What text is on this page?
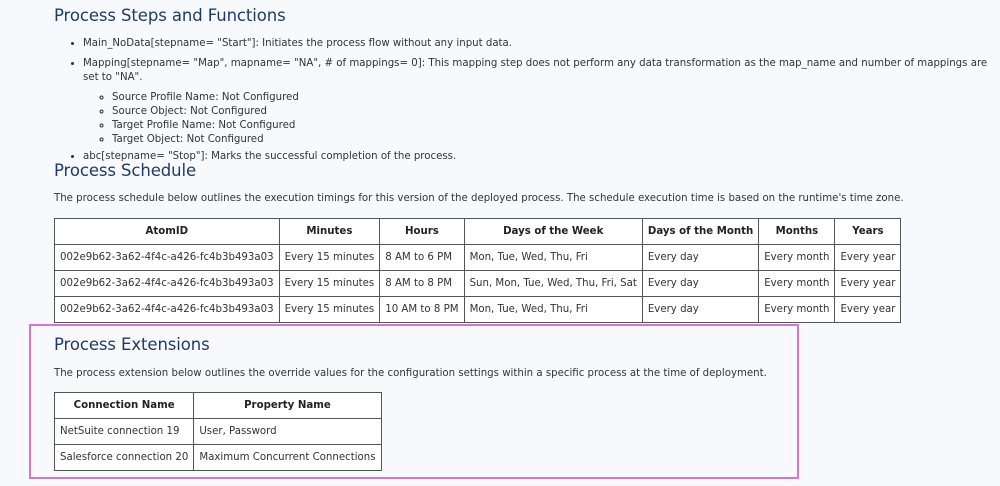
Process Steps and Functions
• Main_NoData[stepname= "Start"]: Initiates the process flow without any input data.
• Mapping[stepname= "Map", mapname= "NA", # of mappings= 0]: This mapping step does not perform any data transformation as the map_name and number of mappings are set to "NA".
◦ Source Profile Name: Not Configured
◦ Source Object: Not Configured
◦ Target Profile Name: Not Configured
◦ Target Object: Not Configured
• abc[stepname= "Stop"]: Marks the successful completion of the process.
Process Schedule

The process schedule below outlines the execution timings for this version of the deployed process. The schedule execution time is based on the runtime's time zone.

AtomID	Minutes	Hours	Days of the Week	Days of the Month	Months	Years
002e9b62-3a62-4f4c-a426-fc4b3b493a03	Every 15 minutes	8 AM to 6 PM	Mon, Tue, Wed, Thu, Fri	Every day	Every month	Every year
002e9b62-3a62-4f4c-a426-fc4b3b493a03	Every 15 minutes	8 AM to 8 PM	Sun, Mon, Tue, Wed, Thu, Fri, Sat	Every day	Every month	Every year
002e9b62-3a62-4f4c-a426-fc4b3b493a03	Every 15 minutes	10 AM to 8 PM	Mon, Tue, Wed, Thu, Fri	Every day	Every month	Every year
Process Extensions

The process extension below outlines the override values for the configuration settings within a specific process at the time of deployment.

Connection Name	Property Name
NetSuite connection 19	User, Password
Salesforce connection 20	Maximum Concurrent Connections
